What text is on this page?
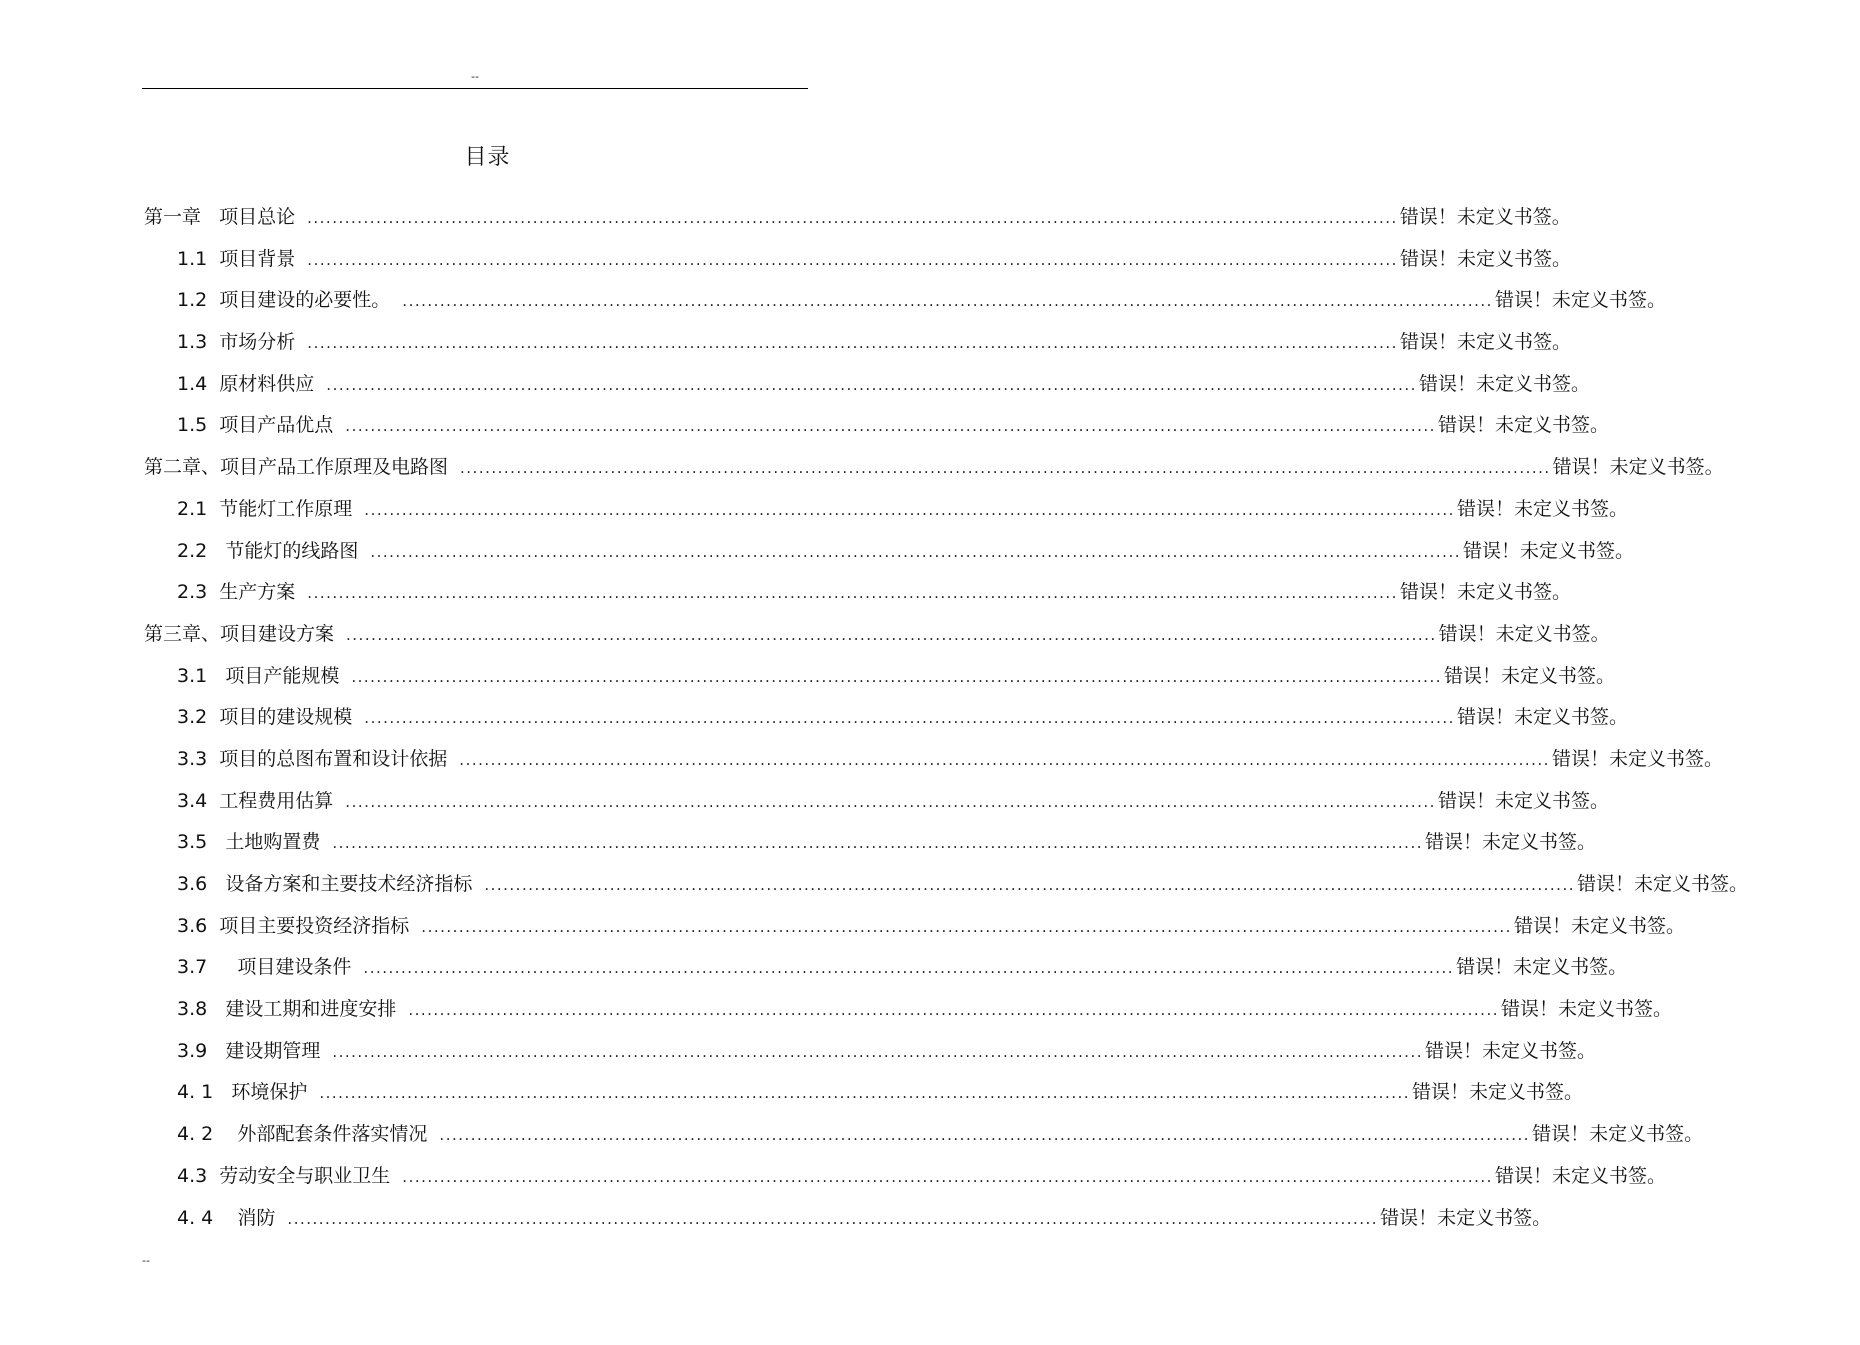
--
目录
第一章   项目总论 .............................................................................................................................................................................. 错误！未定义书签。
1.1  项目背景 .............................................................................................................................................................................. 错误！未定义书签。
1.2  项目建设的必要性。 .............................................................................................................................................................................. 错误！未定义书签。
1.3  市场分析 .............................................................................................................................................................................. 错误！未定义书签。
1.4  原材料供应 .............................................................................................................................................................................. 错误！未定义书签。
1.5  项目产品优点 .............................................................................................................................................................................. 错误！未定义书签。
第二章、项目产品工作原理及电路图 .............................................................................................................................................................................. 错误！未定义书签。
2.1  节能灯工作原理 .............................................................................................................................................................................. 错误！未定义书签。
2.2   节能灯的线路图 .............................................................................................................................................................................. 错误！未定义书签。
2.3  生产方案 .............................................................................................................................................................................. 错误！未定义书签。
第三章、项目建设方案 .............................................................................................................................................................................. 错误！未定义书签。
3.1   项目产能规模 .............................................................................................................................................................................. 错误！未定义书签。
3.2  项目的建设规模 .............................................................................................................................................................................. 错误！未定义书签。
3.3  项目的总图布置和设计依据 .............................................................................................................................................................................. 错误！未定义书签。
3.4  工程费用估算 .............................................................................................................................................................................. 错误！未定义书签。
3.5   土地购置费 .............................................................................................................................................................................. 错误！未定义书签。
3.6   设备方案和主要技术经济指标 .............................................................................................................................................................................. 错误！未定义书签。
3.6  项目主要投资经济指标 .............................................................................................................................................................................. 错误！未定义书签。
3.7     项目建设条件 .............................................................................................................................................................................. 错误！未定义书签。
3.8   建设工期和进度安排 .............................................................................................................................................................................. 错误！未定义书签。
3.9   建设期管理 .............................................................................................................................................................................. 错误！未定义书签。
4. 1   环境保护 .............................................................................................................................................................................. 错误！未定义书签。
4. 2    外部配套条件落实情况 .............................................................................................................................................................................. 错误！未定义书签。
4.3  劳动安全与职业卫生 .............................................................................................................................................................................. 错误！未定义书签。
4. 4    消防 .............................................................................................................................................................................. 错误！未定义书签。
--
